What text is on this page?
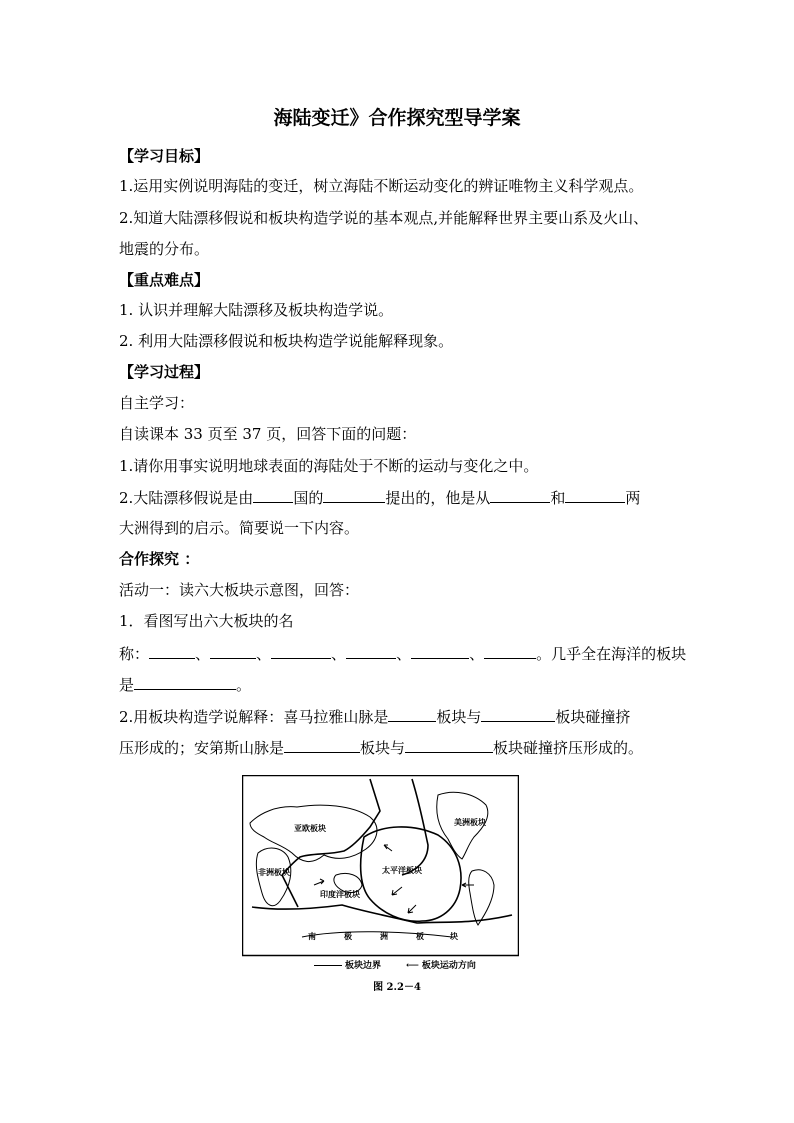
海陆变迁》合作探究型导学案
【学习目标】
1.运用实例说明海陆的变迁，树立海陆不断运动变化的辨证唯物主义科学观点。
2.知道大陆漂移假说和板块构造学说的基本观点,并能解释世界主要山系及火山、
地震的分布。
【重点难点】
1. 认识并理解大陆漂移及板块构造学说。
2. 利用大陆漂移假说和板块构造学说能解释现象。
【学习过程】
自主学习：
自读课本 33 页至 37 页，回答下面的问题：
1.请你用事实说明地球表面的海陆处于不断的运动与变化之中。
2.大陆漂移假说是由	国的	提出的，他是从	和	两
大洲得到的启示。简要说一下内容。
合作探究 ：
活动一：读六大板块示意图，回答：
1．看图写出六大板块的名
称：	、	、	、	、	、	。几乎全在海洋的板块
是	。
2.用板块构造学说解释：喜马拉雅山脉是	板块与	板块碰撞挤
压形成的；安第斯山脉是	板块与	板块碰撞挤压形成的。
亚欧板块
太平洋板块
印度洋板块
美洲板块
非洲板块
南	极	洲	板	块
板块边界	⟵ 板块运动方向
图 2.2－4
